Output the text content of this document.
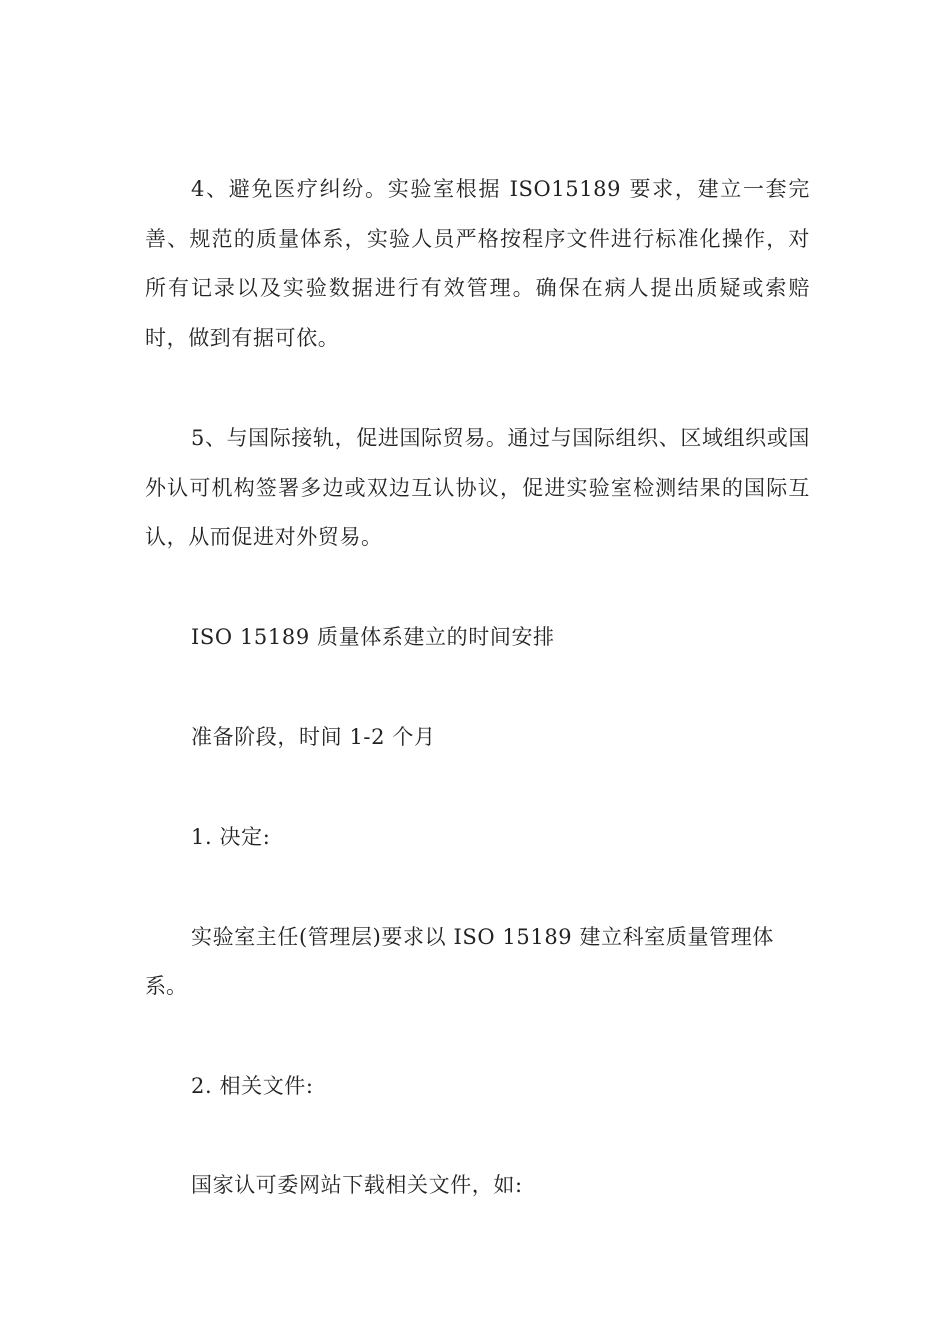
4、避免医疗纠纷。实验室根据 ISO15189 要求，建立一套完善、规范的质量体系，实验人员严格按程序文件进行标准化操作，对所有记录以及实验数据进行有效管理。确保在病人提出质疑或索赔时，做到有据可依。

5、与国际接轨，促进国际贸易。通过与国际组织、区域组织或国外认可机构签署多边或双边互认协议，促进实验室检测结果的国际互认，从而促进对外贸易。

ISO 15189 质量体系建立的时间安排

准备阶段，时间 1-2 个月

1. 决定:

实验室主任(管理层)要求以 ISO 15189 建立科室质量管理体

系。

2. 相关文件:

国家认可委网站下载相关文件，如:
